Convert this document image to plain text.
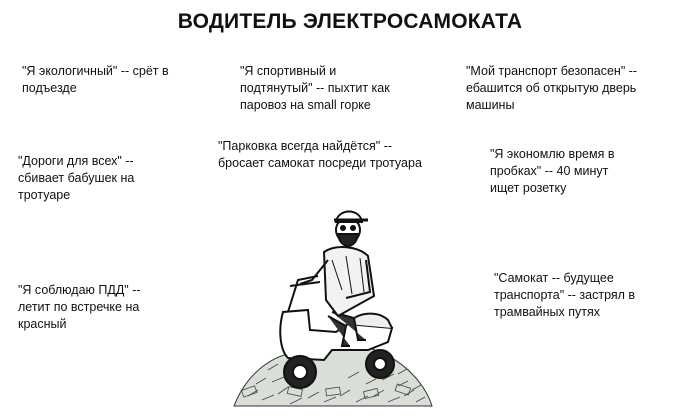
ВОДИТЕЛЬ ЭЛЕКТРОСАМОКАТА
"Я экологичный" -- срёт в
подъезде
"Я спортивный и
подтянутый" -- пыхтит как
паровоз на small горке
"Мой транспорт безопасен" --
ебашится об открытую дверь
машины
"Парковка всегда найдётся" --
бросает самокат посреди тротуара
"Дороги для всех" --
сбивает бабушек на
тротуаре
"Я экономлю время в
пробках" -- 40 минут
ищет розетку
"Я соблюдаю ПДД" --
летит по встречке на
красный
"Самокат -- будущее
транспорта" -- застрял в
трамвайных путях
